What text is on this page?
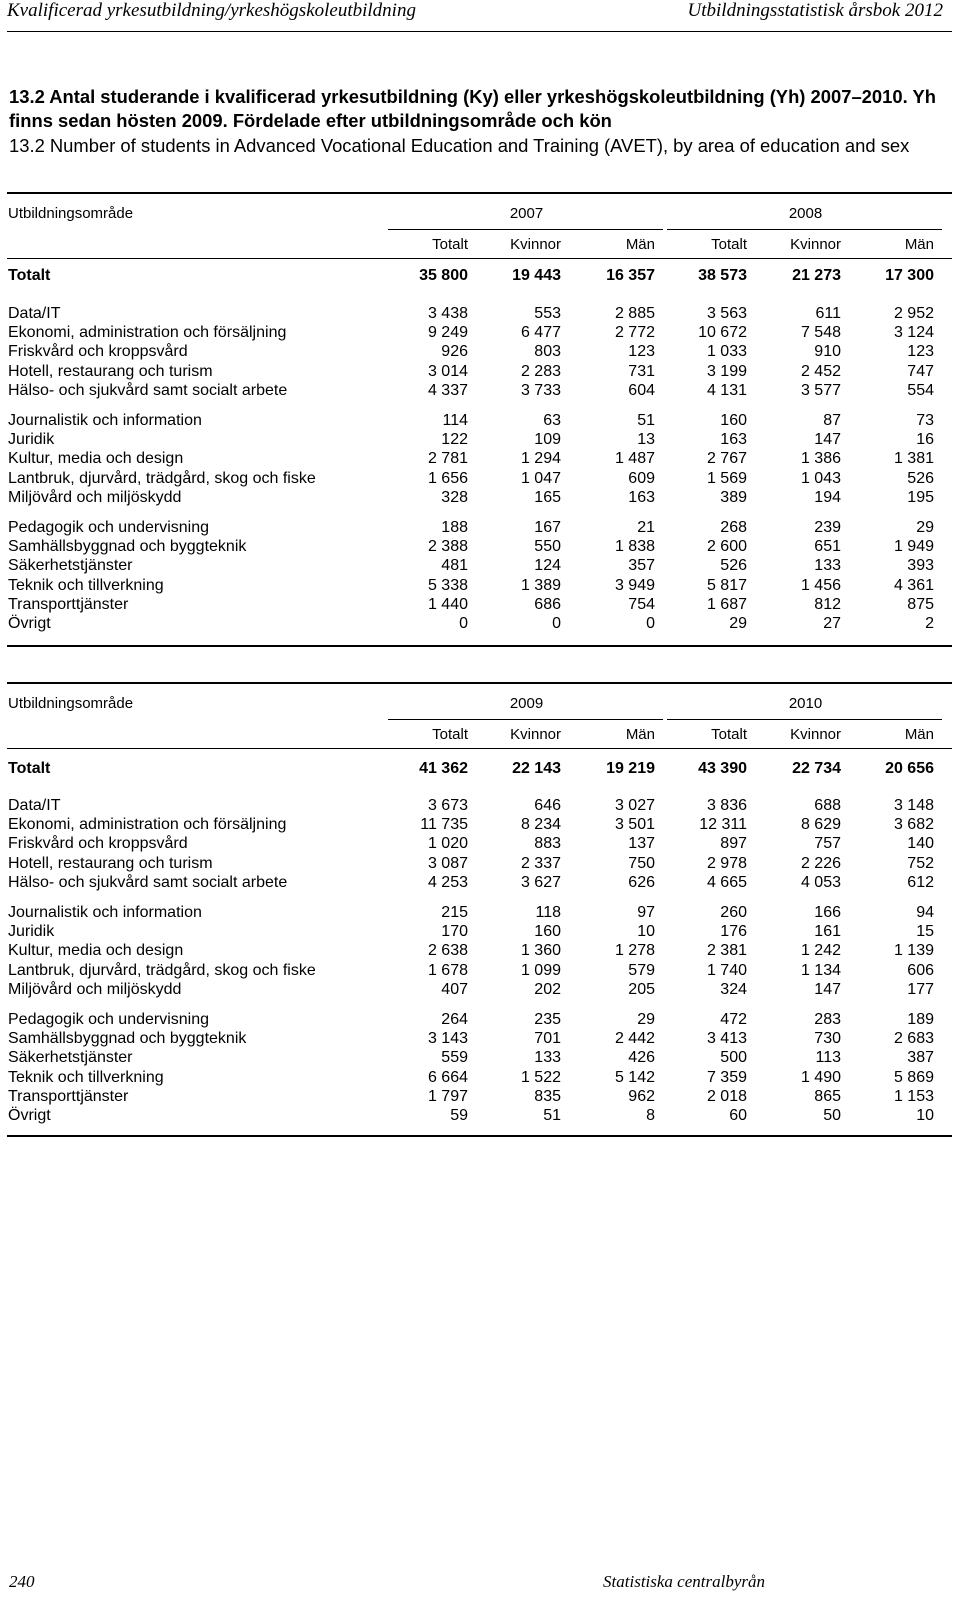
Kvalificerad yrkesutbildning/yrkeshögskoleutbildning	Utbildningsstatistisk årsbok 2012
13.2 Antal studerande i kvalificerad yrkesutbildning (Ky) eller yrkeshögskoleutbildning (Yh) 2007–2010. Yh finns sedan hösten 2009. Fördelade efter utbildningsområde och kön
13.2 Number of students in Advanced Vocational Education and Training (AVET), by area of education and sex
Utbildningsområde	2007	2008
Totalt	Kvinnor	Män	Totalt	Kvinnor	Män
Totalt	35 800	19 443	16 357	38 573	21 273	17 300
Data/IT	3 438	553	2 885	3 563	611	2 952
Ekonomi, administration och försäljning	9 249	6 477	2 772	10 672	7 548	3 124
Friskvård och kroppsvård	926	803	123	1 033	910	123
Hotell, restaurang och turism	3 014	2 283	731	3 199	2 452	747
Hälso- och sjukvård samt socialt arbete	4 337	3 733	604	4 131	3 577	554
Journalistik och information	114	63	51	160	87	73
Juridik	122	109	13	163	147	16
Kultur, media och design	2 781	1 294	1 487	2 767	1 386	1 381
Lantbruk, djurvård, trädgård, skog och fiske	1 656	1 047	609	1 569	1 043	526
Miljövård och miljöskydd	328	165	163	389	194	195
Pedagogik och undervisning	188	167	21	268	239	29
Samhällsbyggnad och byggteknik	2 388	550	1 838	2 600	651	1 949
Säkerhetstjänster	481	124	357	526	133	393
Teknik och tillverkning	5 338	1 389	3 949	5 817	1 456	4 361
Transporttjänster	1 440	686	754	1 687	812	875
Övrigt	0	0	0	29	27	2
Utbildningsområde	2009	2010
Totalt	Kvinnor	Män	Totalt	Kvinnor	Män
Totalt	41 362	22 143	19 219	43 390	22 734	20 656
Data/IT	3 673	646	3 027	3 836	688	3 148
Ekonomi, administration och försäljning	11 735	8 234	3 501	12 311	8 629	3 682
Friskvård och kroppsvård	1 020	883	137	897	757	140
Hotell, restaurang och turism	3 087	2 337	750	2 978	2 226	752
Hälso- och sjukvård samt socialt arbete	4 253	3 627	626	4 665	4 053	612
Journalistik och information	215	118	97	260	166	94
Juridik	170	160	10	176	161	15
Kultur, media och design	2 638	1 360	1 278	2 381	1 242	1 139
Lantbruk, djurvård, trädgård, skog och fiske	1 678	1 099	579	1 740	1 134	606
Miljövård och miljöskydd	407	202	205	324	147	177
Pedagogik och undervisning	264	235	29	472	283	189
Samhällsbyggnad och byggteknik	3 143	701	2 442	3 413	730	2 683
Säkerhetstjänster	559	133	426	500	113	387
Teknik och tillverkning	6 664	1 522	5 142	7 359	1 490	5 869
Transporttjänster	1 797	835	962	2 018	865	1 153
Övrigt	59	51	8	60	50	10
240	Statistiska centralbyrån
